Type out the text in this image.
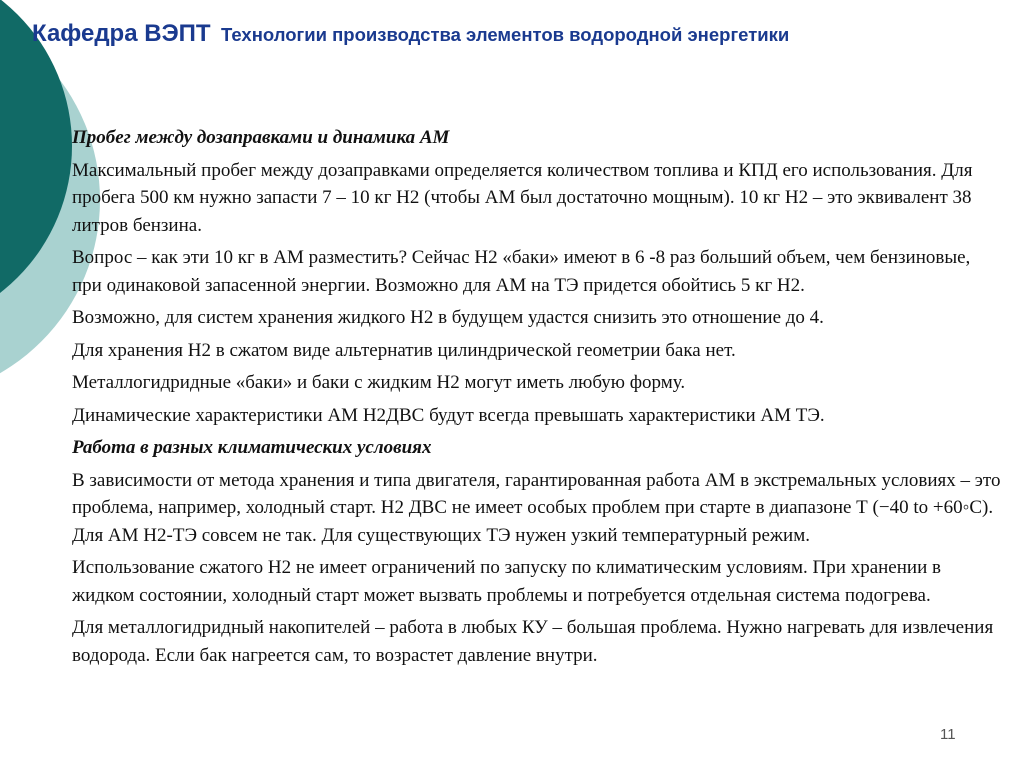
Кафедра ВЭПТ Технологии производства элементов водородной энергетики

Пробег между дозаправками и динамика АМ

Максимальный пробег между дозаправками определяется количеством топлива и КПД его использования. Для пробега 500 км нужно запасти 7 – 10 кг Н2 (чтобы АМ был достаточно мощным). 10 кг Н2 – это эквивалент 38 литров бензина.

Вопрос – как эти 10 кг в АМ разместить? Сейчас Н2 «баки» имеют в 6 -8 раз больший объем, чем бензиновые, при одинаковой запасенной энергии. Возможно для АМ на ТЭ придется обойтись 5 кг Н2.

Возможно, для систем хранения жидкого Н2 в будущем удастся снизить это отношение до 4.

Для хранения Н2 в сжатом виде альтернатив цилиндрической геометрии бака нет.

Металлогидридные «баки» и баки с жидким Н2 могут иметь любую форму.

Динамические характеристики АМ Н2ДВС будут всегда превышать характеристики АМ ТЭ.

Работа в разных климатических условиях

В зависимости от метода хранения и типа двигателя, гарантированная работа АМ в экстремальных условиях – это проблема, например, холодный старт. Н2 ДВС не имеет особых проблем при старте в диапазоне Т (−40 to +60◦C). Для АМ Н2-ТЭ совсем не так. Для существующих ТЭ нужен узкий температурный режим.

Использование сжатого Н2 не имеет ограничений по запуску по климатическим условиям. При хранении в жидком состоянии, холодный старт может вызвать проблемы и потребуется отдельная система подогрева.

Для металлогидридный накопителей – работа в любых КУ – большая проблема. Нужно нагревать для извлечения водорода. Если бак нагреется сам, то возрастет давление внутри.

11
